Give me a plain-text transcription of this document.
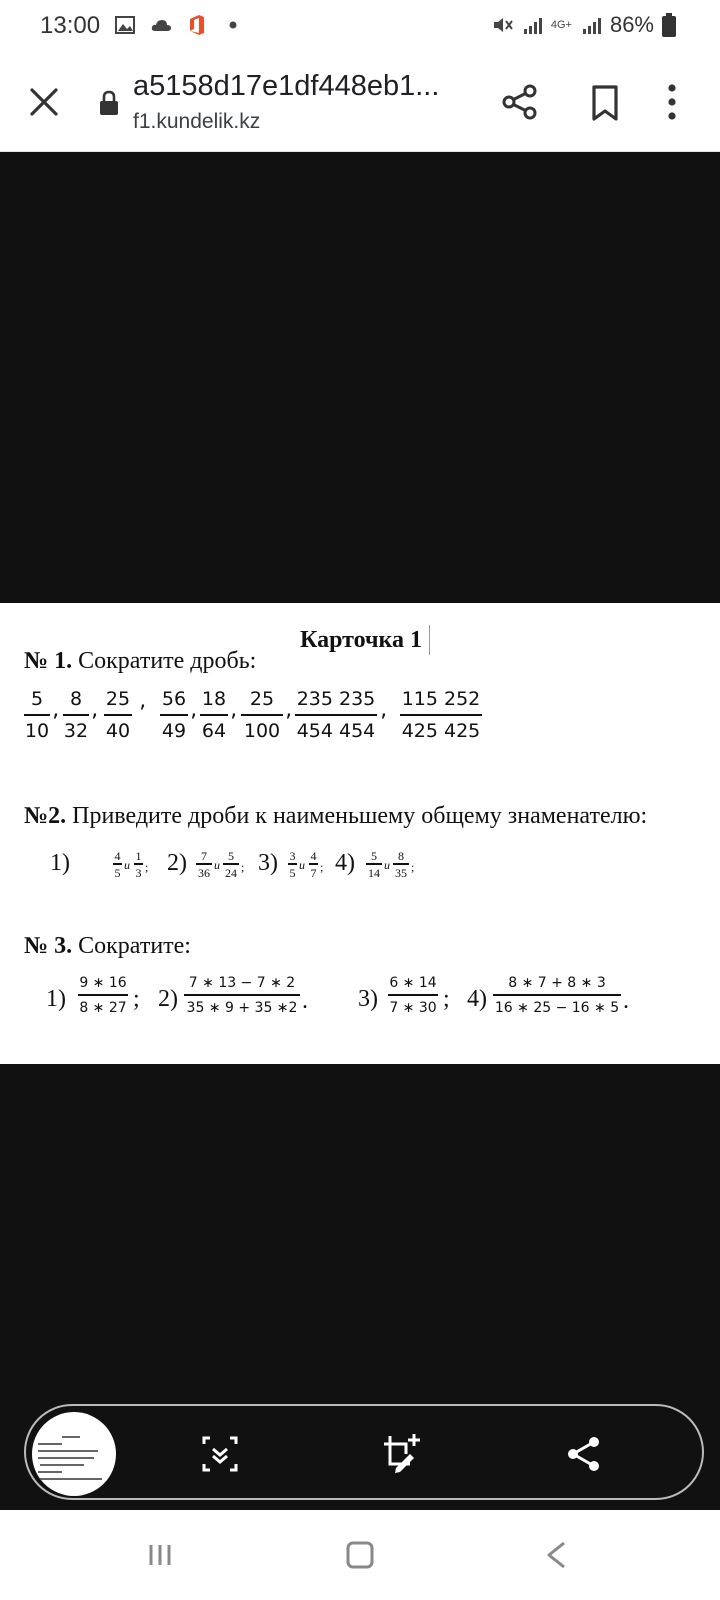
13:00	4G+ 86%
a5158d17e1df448eb1...
f1.kundelik.kz
Карточка 1
№ 1. Сократите дробь:
5
10 ’
8
32 ’
25
40
’
56
49 ’
18
64 ’
25
100 ’
235 235
454 454 ’
115 252
425 425
№2. Приведите дроби к наименьшему общему знаменателю:
1)	4
5
и
1
3 ; 2) 7
36
и
5
24 ; 3) 3
5
и
4
7 ; 4) 5
14
и
8
35 ;
№ 3. Сократите:
1)
9 ∗ 16
8 ∗ 27 ; 2)
7 ∗ 13 − 7 ∗ 2
35 ∗ 9 + 35 ∗2 . 3)
6 ∗ 14
7 ∗ 30 ; 4)
8 ∗ 7 + 8 ∗ 3
16 ∗ 25 − 16 ∗ 5 .
